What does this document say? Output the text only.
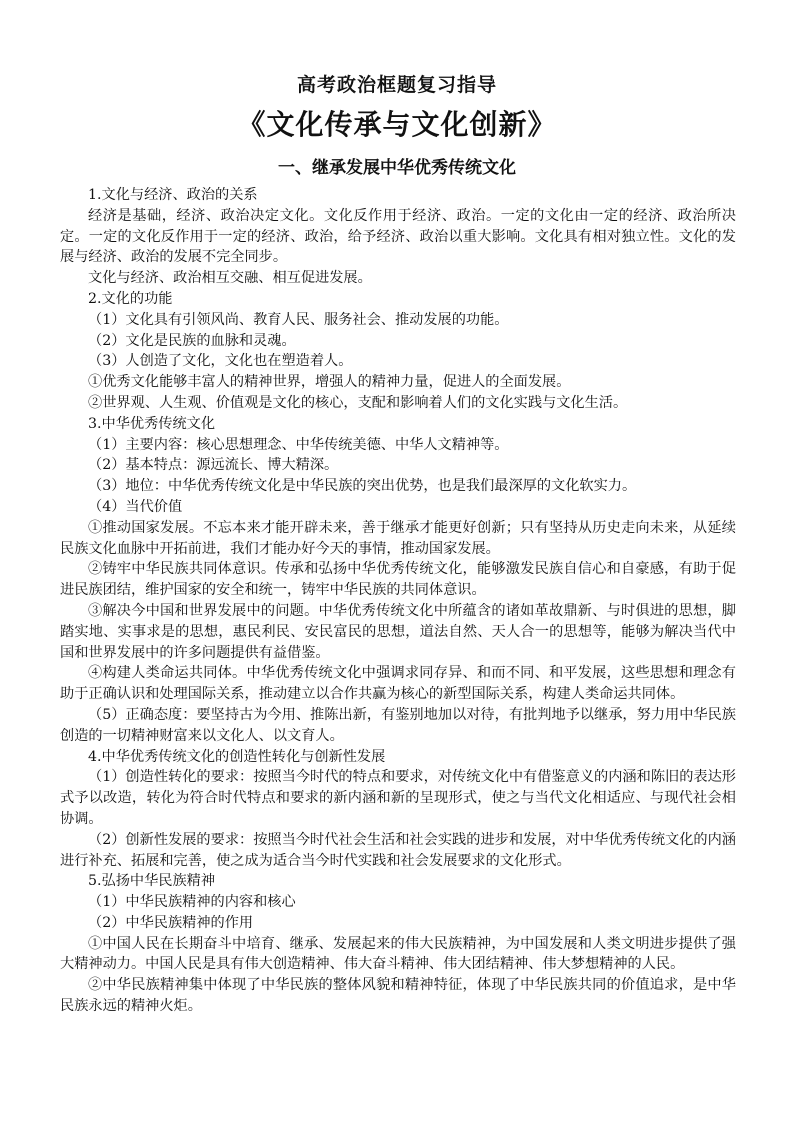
高考政治框题复习指导
《文化传承与文化创新》
一、继承发展中华优秀传统文化

1.文化与经济、政治的关系

经济是基础，经济、政治决定文化。文化反作用于经济、政治。一定的文化由一定的经济、政治所决定。一定的文化反作用于一定的经济、政治，给予经济、政治以重大影响。文化具有相对独立性。文化的发展与经济、政治的发展不完全同步。

文化与经济、政治相互交融、相互促进发展。

2.文化的功能

（1）文化具有引领风尚、教育人民、服务社会、推动发展的功能。

（2）文化是民族的血脉和灵魂。

（3）人创造了文化，文化也在塑造着人。

①优秀文化能够丰富人的精神世界，增强人的精神力量，促进人的全面发展。

②世界观、人生观、价值观是文化的核心，支配和影响着人们的文化实践与文化生活。

3.中华优秀传统文化

（1）主要内容：核心思想理念、中华传统美德、中华人文精神等。

（2）基本特点：源远流长、博大精深。

（3）地位：中华优秀传统文化是中华民族的突出优势，也是我们最深厚的文化软实力。

（4）当代价值

①推动国家发展。不忘本来才能开辟未来，善于继承才能更好创新；只有坚持从历史走向未来，从延续民族文化血脉中开拓前进，我们才能办好今天的事情，推动国家发展。

②铸牢中华民族共同体意识。传承和弘扬中华优秀传统文化，能够激发民族自信心和自豪感，有助于促进民族团结，维护国家的安全和统一，铸牢中华民族的共同体意识。

③解决今中国和世界发展中的问题。中华优秀传统文化中所蕴含的诸如革故鼎新、与时俱进的思想，脚踏实地、实事求是的思想，惠民利民、安民富民的思想，道法自然、天人合一的思想等，能够为解决当代中国和世界发展中的许多问题提供有益借鉴。

④构建人类命运共同体。中华优秀传统文化中强调求同存异、和而不同、和平发展，这些思想和理念有助于正确认识和处理国际关系，推动建立以合作共赢为核心的新型国际关系，构建人类命运共同体。

（5）正确态度：要坚持古为今用、推陈出新，有鉴别地加以对待，有批判地予以继承，努力用中华民族创造的一切精神财富来以文化人、以文育人。

4.中华优秀传统文化的创造性转化与创新性发展

（1）创造性转化的要求：按照当今时代的特点和要求，对传统文化中有借鉴意义的内涵和陈旧的表达形式予以改造，转化为符合时代特点和要求的新内涵和新的呈现形式，使之与当代文化相适应、与现代社会相协调。

（2）创新性发展的要求：按照当今时代社会生活和社会实践的进步和发展，对中华优秀传统文化的内涵进行补充、拓展和完善，使之成为适合当今时代实践和社会发展要求的文化形式。

5.弘扬中华民族精神

（1）中华民族精神的内容和核心

（2）中华民族精神的作用

①中国人民在长期奋斗中培育、继承、发展起来的伟大民族精神，为中国发展和人类文明进步提供了强大精神动力。中国人民是具有伟大创造精神、伟大奋斗精神、伟大团结精神、伟大梦想精神的人民。

②中华民族精神集中体现了中华民族的整体风貌和精神特征，体现了中华民族共同的价值追求，是中华民族永远的精神火炬。
